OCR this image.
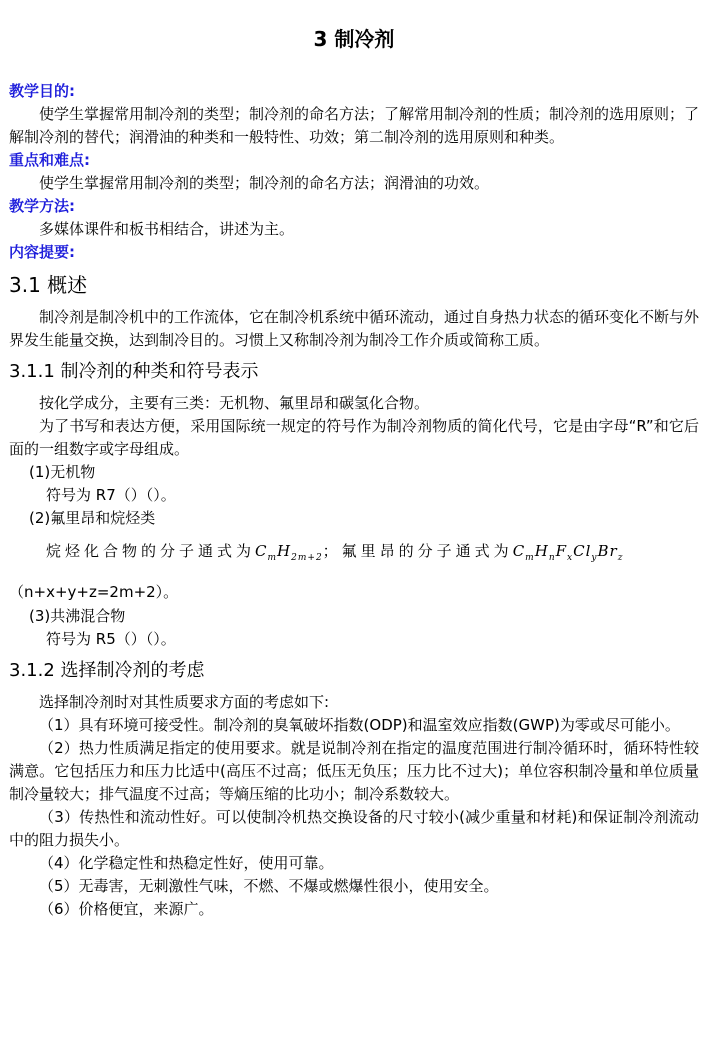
3 制冷剂

教学目的:

使学生掌握常用制冷剂的类型；制冷剂的命名方法；了解常用制冷剂的性质；制冷剂的选用原则；了解制冷剂的替代；润滑油的种类和一般特性、功效；第二制冷剂的选用原则和种类。

重点和难点:

使学生掌握常用制冷剂的类型；制冷剂的命名方法；润滑油的功效。

教学方法:

多媒体课件和板书相结合，讲述为主。

内容提要:

3.1 概述

制冷剂是制冷机中的工作流体，它在制冷机系统中循环流动，通过自身热力状态的循环变化不断与外界发生能量交换，达到制冷目的。习惯上又称制冷剂为制冷工作介质或简称工质。

3.1.1 制冷剂的种类和符号表示

按化学成分，主要有三类：无机物、氟里昂和碳氢化合物。

为了书写和表达方便，采用国际统一规定的符号作为制冷剂物质的简化代号，它是由字母“R”和它后面的一组数字或字母组成。

(1)无机物

符号为 R7（）（）。

(2)氟里昂和烷烃类

烷烃化合物的分子通式为$C_mH_{2m+2}$；氟里昂的分子通式为$C_mH_nF_xCl_yBr_z$

（n+x+y+z=2m+2）。

(3)共沸混合物

符号为 R5（）（）。

3.1.2 选择制冷剂的考虑

选择制冷剂时对其性质要求方面的考虑如下:

（1）具有环境可接受性。制冷剂的臭氧破坏指数(ODP)和温室效应指数(GWP)为零或尽可能小。

（2）热力性质满足指定的使用要求。就是说制冷剂在指定的温度范围进行制冷循环时，循环特性较满意。它包括压力和压力比适中(高压不过高；低压无负压；压力比不过大)；单位容积制冷量和单位质量制冷量较大；排气温度不过高；等熵压缩的比功小；制冷系数较大。

（3）传热性和流动性好。可以使制冷机热交换设备的尺寸较小(减少重量和材耗)和保证制冷剂流动中的阻力损失小。

（4）化学稳定性和热稳定性好，使用可靠。

（5）无毒害，无刺激性气味，不燃、不爆或燃爆性很小，使用安全。

（6）价格便宜，来源广。
